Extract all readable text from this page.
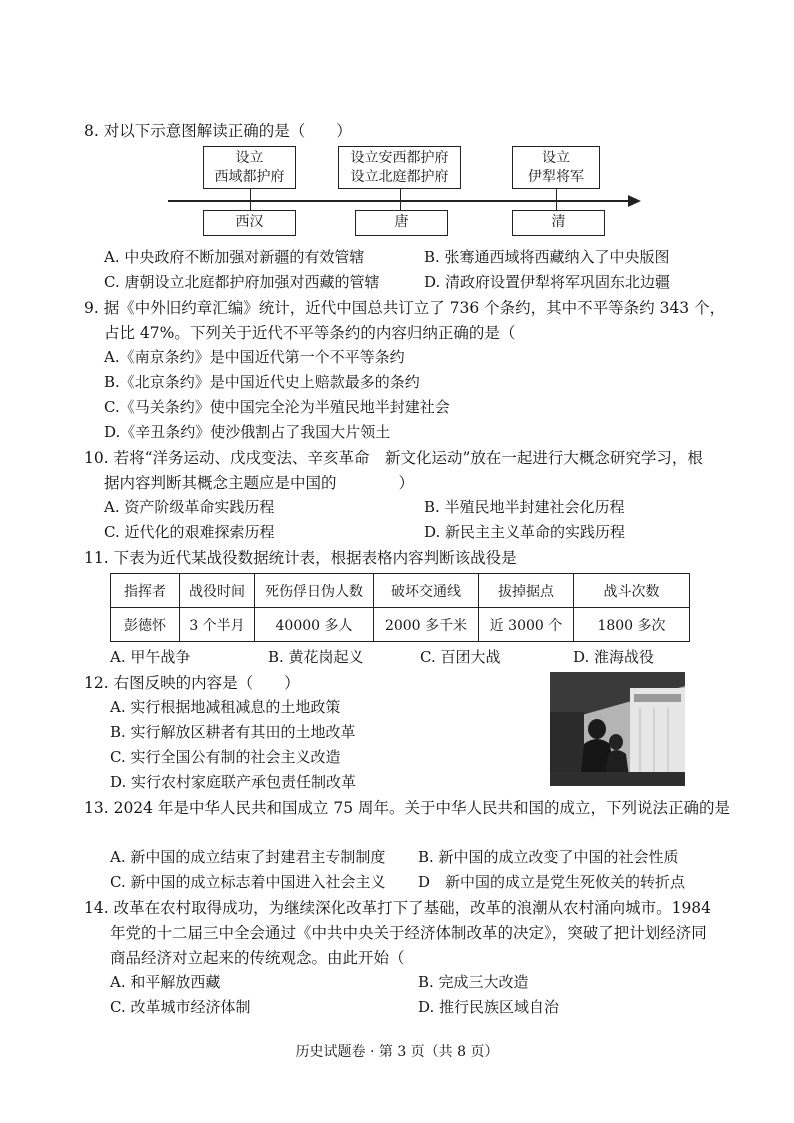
8. 对以下示意图解读正确的是（　　）
设立
西域都护府
设立安西都护府
设立北庭都护府
设立
伊犁将军
西汉	唐	清
A. 中央政府不断加强对新疆的有效管辖	B. 张骞通西域将西藏纳入了中央版图
C. 唐朝设立北庭都护府加强对西藏的管辖	D. 清政府设置伊犁将军巩固东北边疆
9. 据《中外旧约章汇编》统计，近代中国总共订立了 736 个条约，其中不平等条约 343 个，
占比 47%。下列关于近代不平等条约的内容归纳正确的是（
A.《南京条约》是中国近代第一个不平等条约
B.《北京条约》是中国近代史上赔款最多的条约
C.《马关条约》使中国完全沦为半殖民地半封建社会
D.《辛丑条约》使沙俄割占了我国大片领土
10. 若将“洋务运动、戊戌变法、辛亥革命　新文化运动”放在一起进行大概念研究学习，根
据内容判断其概念主题应是中国的　　　　）
A. 资产阶级革命实践历程	B. 半殖民地半封建社会化历程
C. 近代化的艰难探索历程	D. 新民主主义革命的实践历程
11. 下表为近代某战役数据统计表，根据表格内容判断该战役是
指挥者	战役时间	死伤俘日伪人数	破坏交通线	拔掉据点	战斗次数
彭德怀	3 个半月	40000 多人	2000 多千米	近 3000 个	1800 多次
A. 甲午战争	B. 黄花岗起义	C. 百团大战	D. 淮海战役
12. 右图反映的内容是（　　）
A. 实行根据地减租减息的土地政策
B. 实行解放区耕者有其田的土地改革
C. 实行全国公有制的社会主义改造
D. 实行农村家庭联产承包责任制改革
13. 2024 年是中华人民共和国成立 75 周年。关于中华人民共和国的成立，下列说法正确的是
A. 新中国的成立结束了封建君主专制制度 B. 新中国的成立改变了中国的社会性质
C. 新中国的成立标志着中国进入社会主义 D　新中国的成立是党生死攸关的转折点
14. 改革在农村取得成功，为继续深化改革打下了基础，改革的浪潮从农村涌向城市。1984
年党的十二届三中全会通过《中共中央关于经济体制改革的决定》，突破了把计划经济同
商品经济对立起来的传统观念。由此开始（
A. 和平解放西藏	B. 完成三大改造
C. 改革城市经济体制	D. 推行民族区域自治
历史试题卷 · 第 3 页（共 8 页）
